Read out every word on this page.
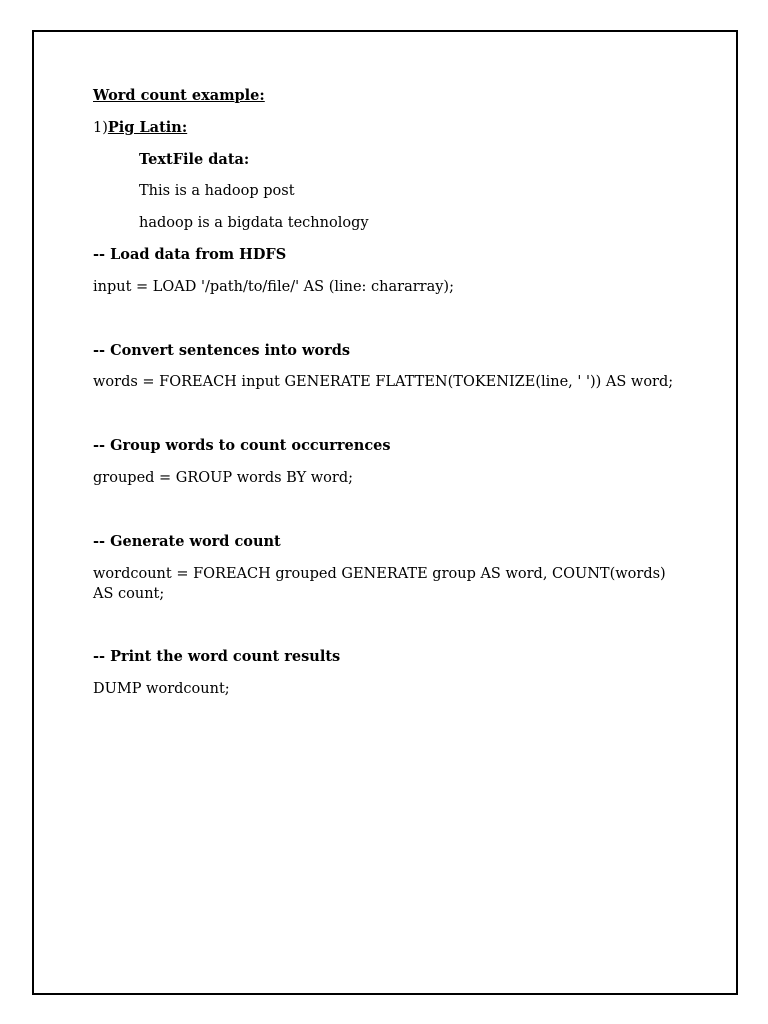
Word count example:
1)Pig Latin:
TextFile data:
This is a hadoop post
hadoop is a bigdata technology
-- Load data from HDFS
input = LOAD '/path/to/file/' AS (line: chararray);
-- Convert sentences into words
words = FOREACH input GENERATE FLATTEN(TOKENIZE(line, ' ')) AS word;
-- Group words to count occurrences
grouped = GROUP words BY word;
-- Generate word count
wordcount = FOREACH grouped GENERATE group AS word, COUNT(words) AS count;
-- Print the word count results
DUMP wordcount;
